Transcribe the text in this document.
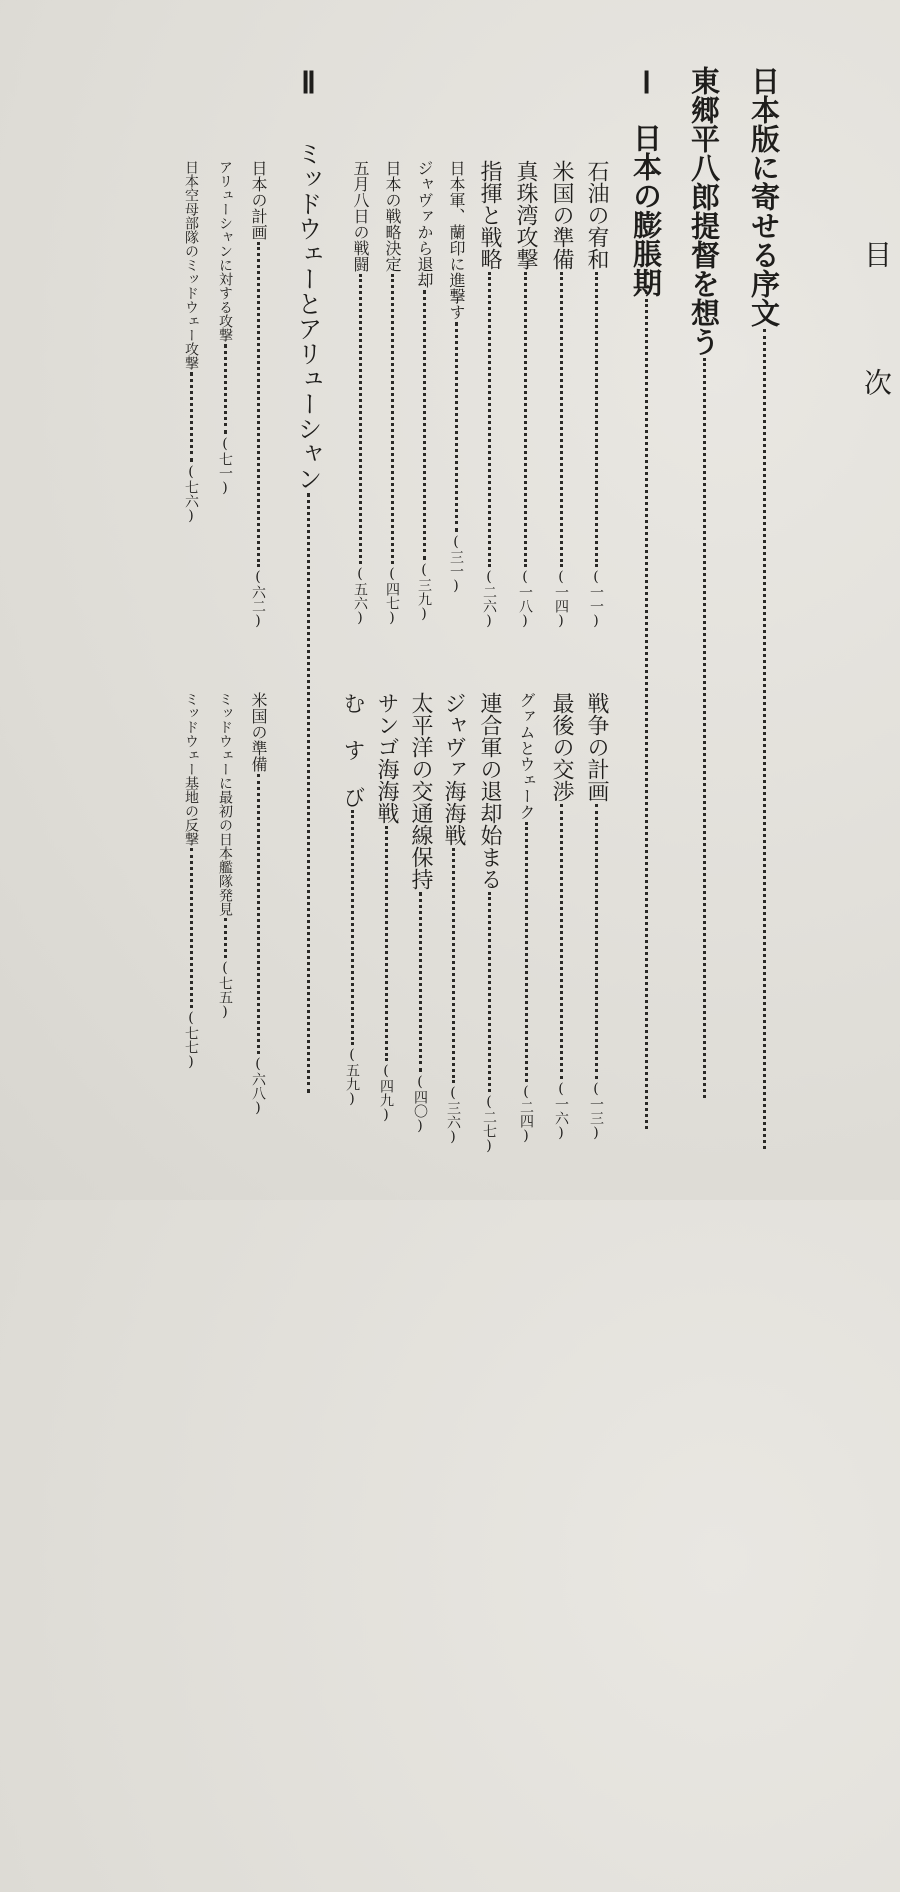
目次
日本版に寄せる序文
東郷平八郎提督を想う
Ⅰ日本の膨脹期
石油の宥和(一一)
米国の準備(一四)
真珠湾攻撃(一八)
指揮と戦略(二六)
日本軍、蘭印に進撃す(三一)
ジャヴァから退却(三九)
日本の戦略決定(四七)
五月八日の戦闘(五六)
戦争の計画(一三)
最後の交渉(一六)
グァムとウェーク(二四)
連合軍の退却始まる(二七)
ジャヴァ海海戦(三六)
太平洋の交通線保持(四〇)
サンゴ海海戦(四九)
む す び(五九)
Ⅱミッドウェーとアリューシャン
日本の計画(六二)
アリューシャンに対する攻撃(七一)
日本空母部隊のミッドウェー攻撃(七六)
米国の準備(六八)
ミッドウェーに最初の日本艦隊発見(七五)
ミッドウェー基地の反撃(七七)
